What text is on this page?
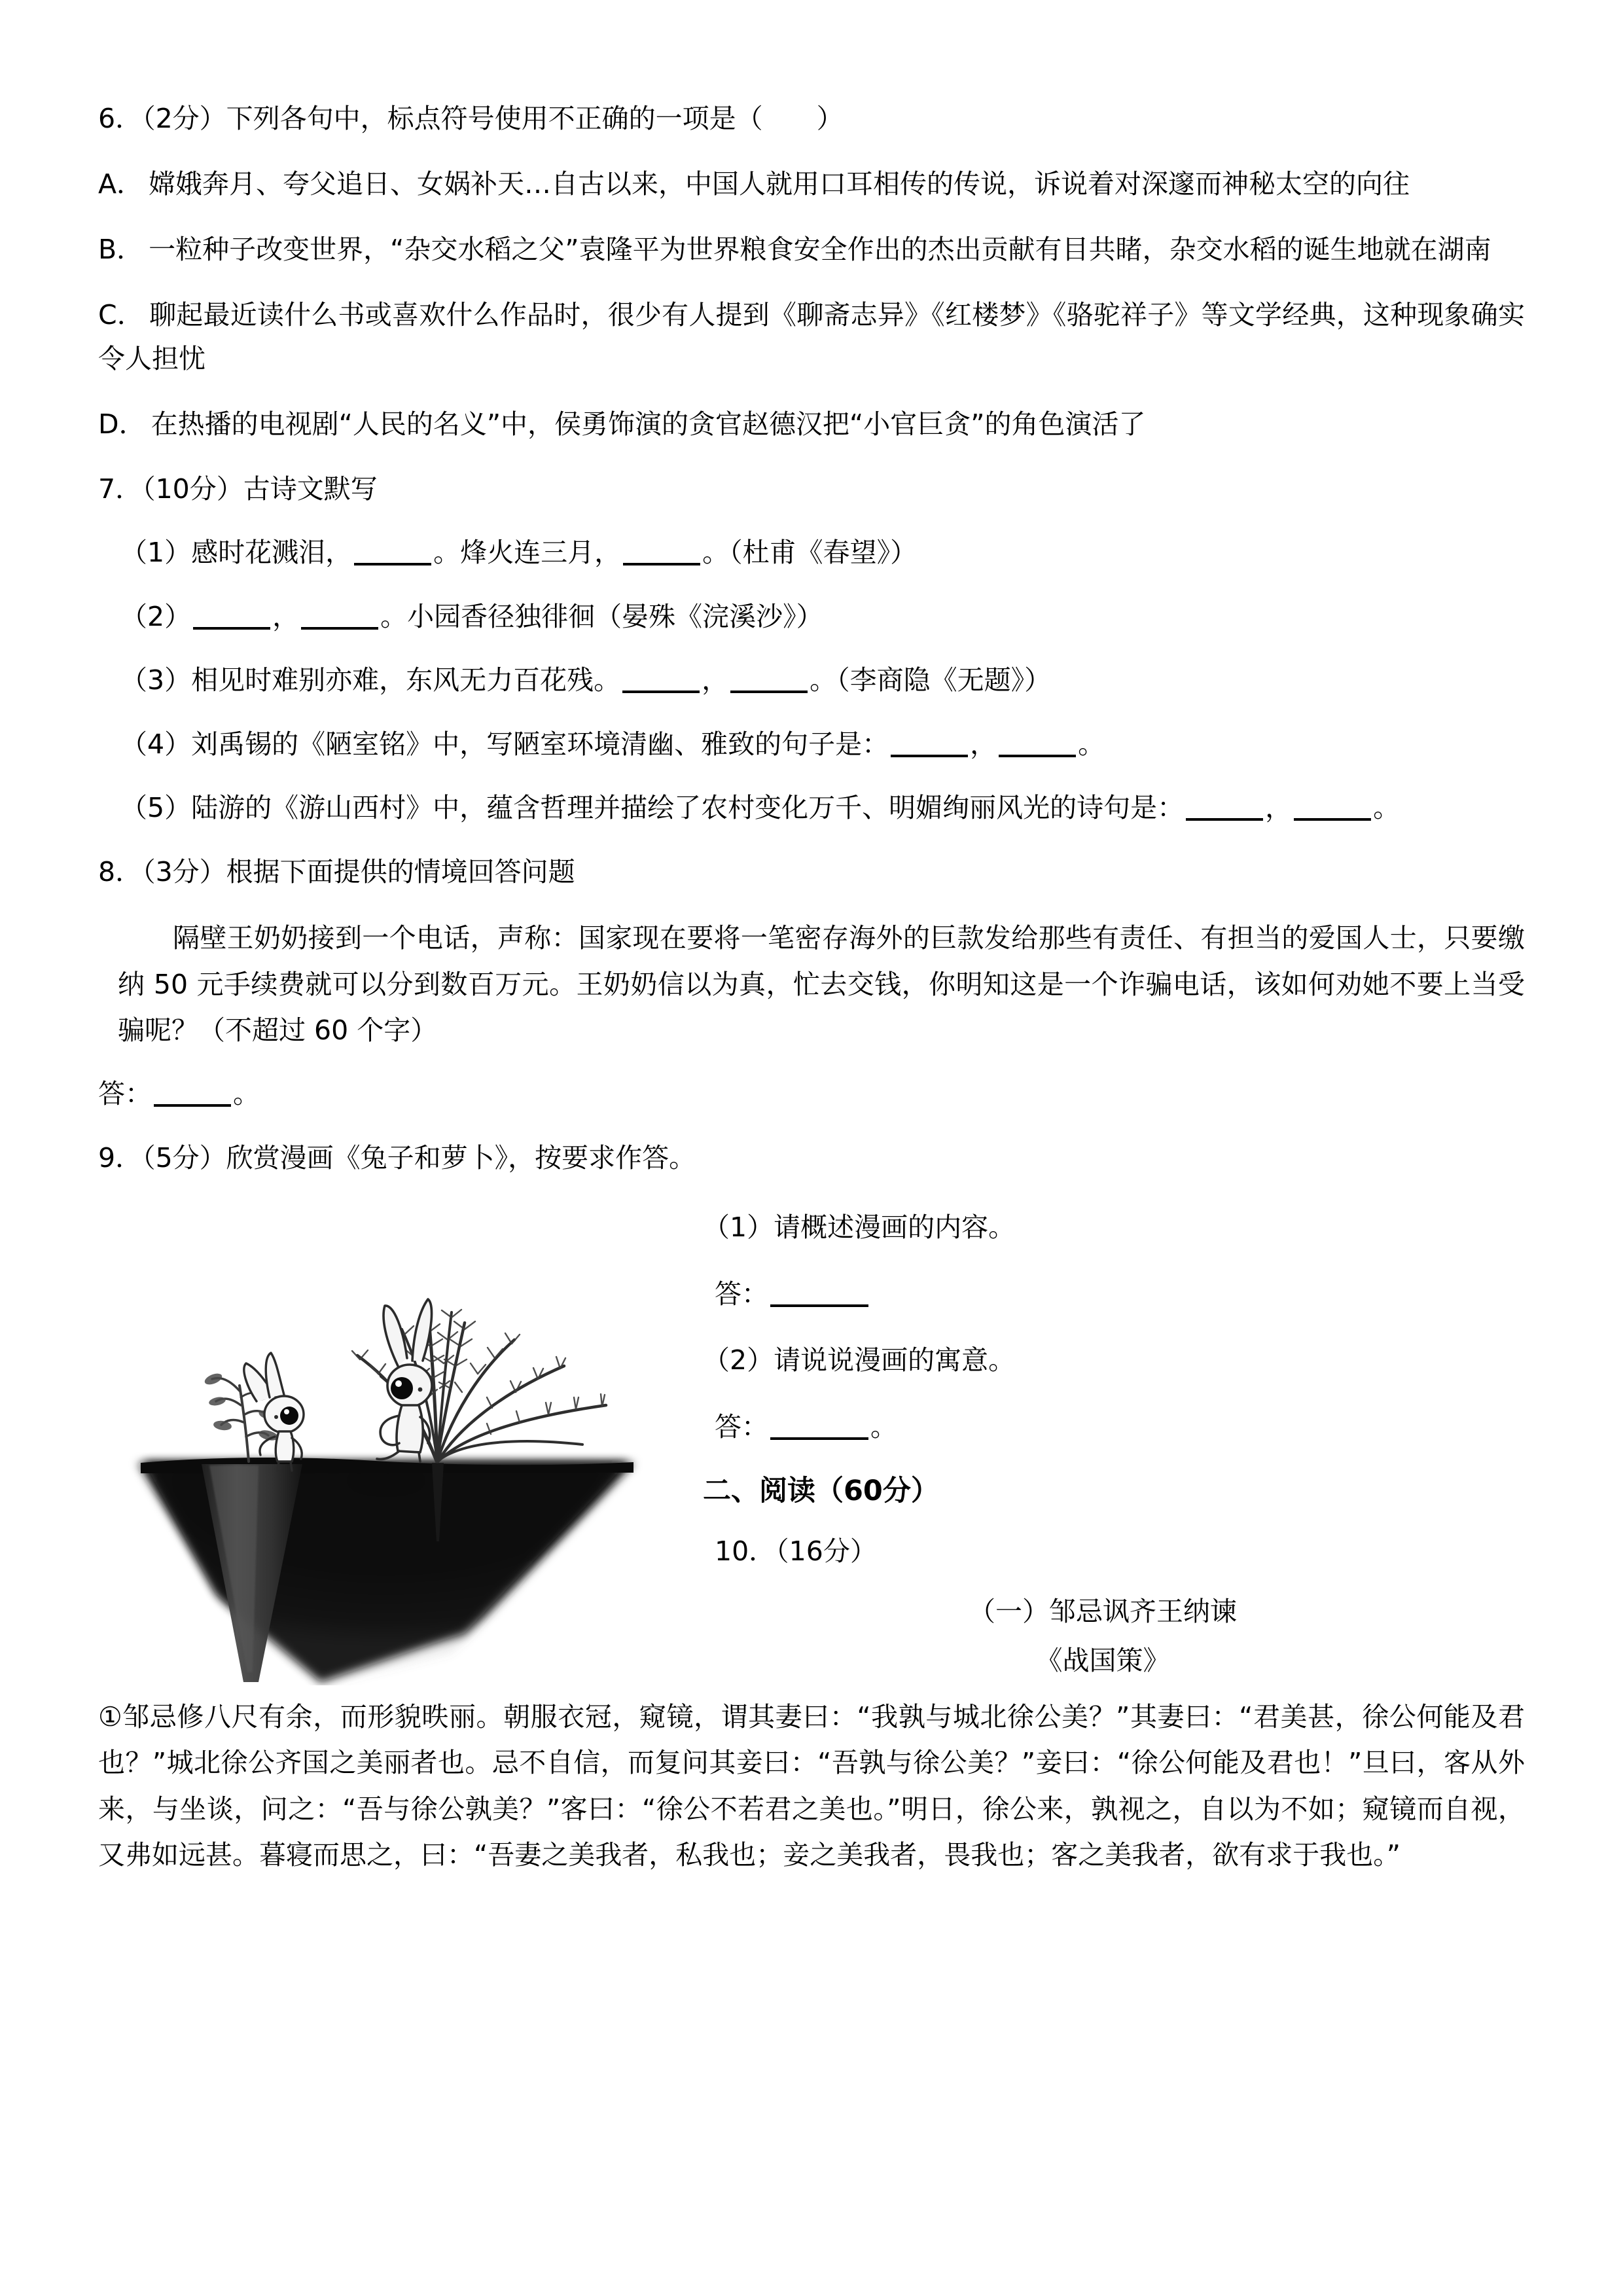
6．（2分）下列各句中，标点符号使用不正确的一项是（　　）
A． 嫦娥奔月、夸父追日、女娲补天…自古以来，中国人就用口耳相传的传说，诉说着对深邃而神秘太空的向往
B． 一粒种子改变世界，“杂交水稻之父”袁隆平为世界粮食安全作出的杰出贡献有目共睹，杂交水稻的诞生地就在湖南
C． 聊起最近读什么书或喜欢什么作品时，很少有人提到《聊斋志异》《红楼梦》《骆驼祥子》等文学经典，这种现象确实令人担忧
D． 在热播的电视剧“人民的名义”中，侯勇饰演的贪官赵德汉把“小官巨贪”的角色演活了
7．（10分）古诗文默写
（1）感时花溅泪，	。烽火连三月，	。（杜甫《春望》）
（2）	，	。小园香径独徘徊（晏殊《浣溪沙》）
（3）相见时难别亦难，东风无力百花残。	，	。（李商隐《无题》）
（4）刘禹锡的《陋室铭》中，写陋室环境清幽、雅致的句子是：	，	。
（5）陆游的《游山西村》中，蕴含哲理并描绘了农村变化万千、明媚绚丽风光的诗句是：	，	。
8．（3分）根据下面提供的情境回答问题
隔壁王奶奶接到一个电话，声称：国家现在要将一笔密存海外的巨款发给那些有责任、有担当的爱国人士，只要缴纳 50 元手续费就可以分到数百万元。王奶奶信以为真，忙去交钱，你明知这是一个诈骗电话，该如何劝她不要上当受骗呢？（不超过 60 个字）
答：	。
9．（5分）欣赏漫画《兔子和萝卜》，按要求作答。
（1）请概述漫画的内容。
答：
（2）请说说漫画的寓意。
答：	。
二、阅读（60分）
10．（16分）
（一）邹忌讽齐王纳谏
《战国策》
①邹忌修八尺有余，而形貌昳丽。朝服衣冠，窥镜，谓其妻曰：“我孰与城北徐公美？”其妻曰：“君美甚，徐公何能及君也？”城北徐公齐国之美丽者也。忌不自信，而复问其妾曰：“吾孰与徐公美？”妾曰：“徐公何能及君也！”旦曰，客从外来，与坐谈，问之：“吾与徐公孰美？”客曰：“徐公不若君之美也。”明日，徐公来，孰视之，自以为不如；窥镜而自视，又弗如远甚。暮寝而思之，曰：“吾妻之美我者，私我也；妾之美我者，畏我也；客之美我者，欲有求于我也。”
